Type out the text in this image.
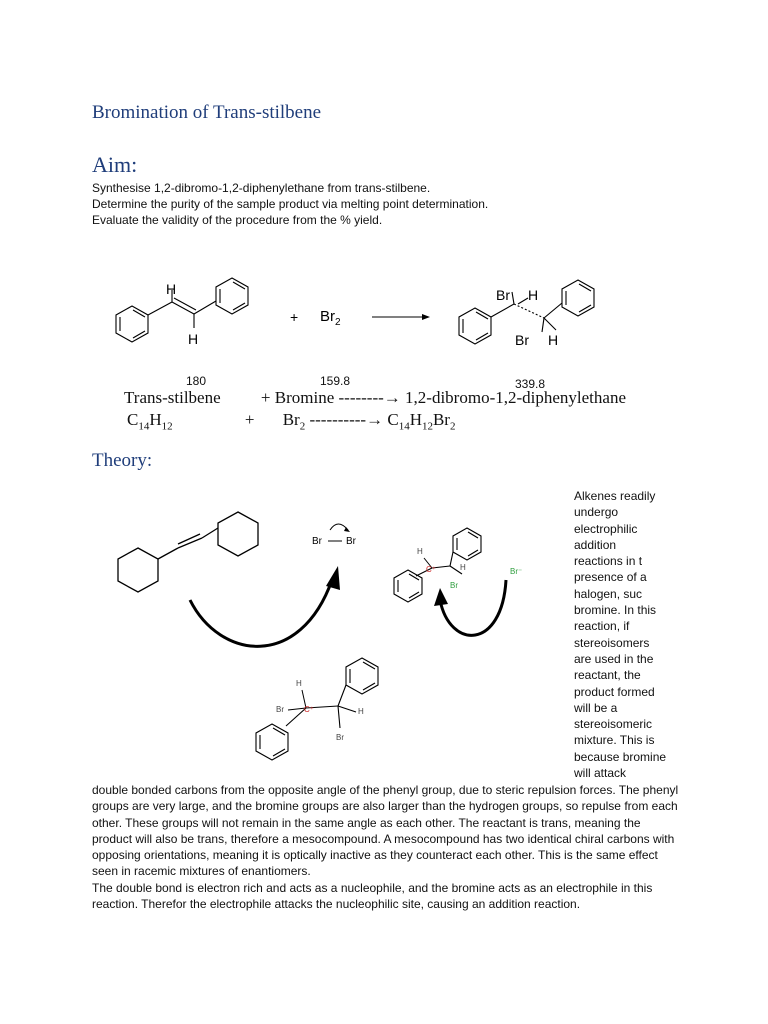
Bromination of Trans-stilbene
Aim:
Synthesise 1,2-dibromo-1,2-diphenylethane from trans-stilbene.
Determine the purity of the sample product via melting point determination.
Evaluate the validity of the procedure from the % yield.
H
H
+ $Br_2$
Br H
Br H
180	159.8	339.8
Trans-stilbene + Bromine --------→ 1,2-dibromo-1,2-diphenylethane
$C_{14}H_{12}$	+ $Br_2$ ----------→ $C_{14}H_{12}Br_2$
Theory:
Br Br
H
C⁺	H
Br
Br⁻
H
Br	C⁺	H
Br
Alkenes readily
undergo
electrophilic
addition
reactions in t
presence of a
halogen, suc
bromine. In this
reaction, if
stereoisomers
are used in the
reactant, the
product formed
will be a
stereoisomeric
mixture. This is
because bromine
will attack

double bonded carbons from the opposite angle of the phenyl group, due to steric repulsion forces. The phenyl groups are very large, and the bromine groups are also larger than the hydrogen groups, so repulse from each other. These groups will not remain in the same angle as each other. The reactant is trans, meaning the product will also be trans, therefore a mesocompound. A mesocompound has two identical chiral carbons with opposing orientations, meaning it is optically inactive as they counteract each other. This is the same effect seen in racemic mixtures of enantiomers.

The double bond is electron rich and acts as a nucleophile, and the bromine acts as an electrophile in this reaction. Therefor the electrophile attacks the nucleophilic site, causing an addition reaction.
